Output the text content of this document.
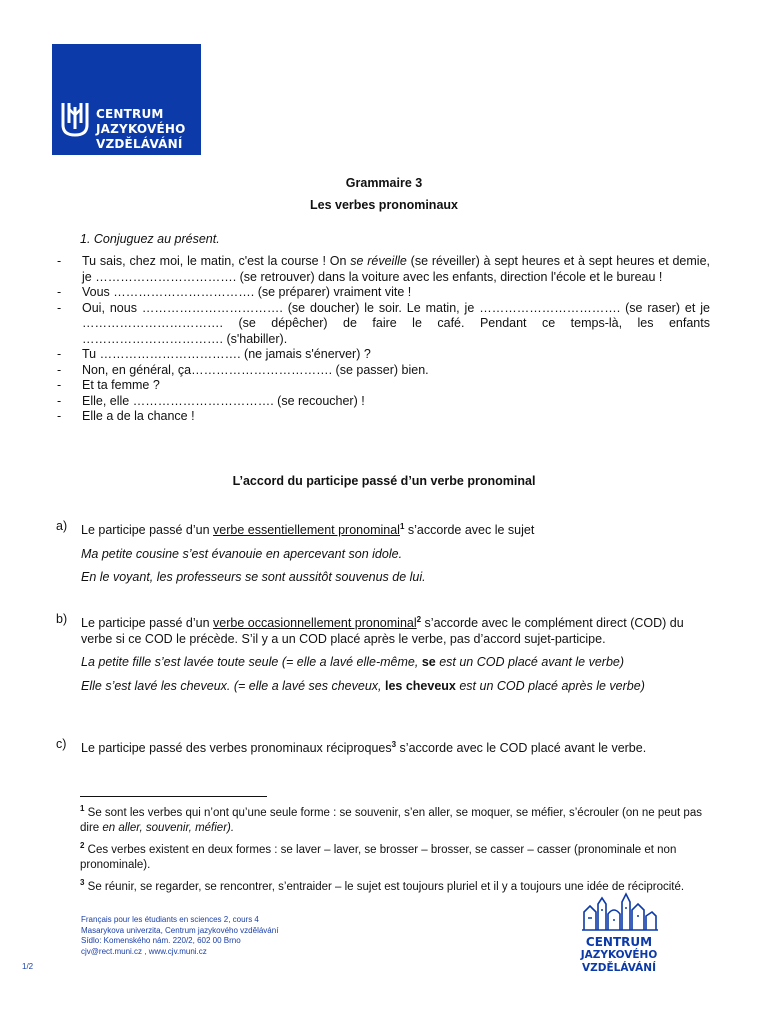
CENTRUM
JAZYKOVÉHO
VZDĚLÁVÁNÍ
Grammaire 3
Les verbes pronominaux
1. Conjuguez au présent.
- Tu sais, chez moi, le matin, c'est la course ! On se réveille (se réveiller) à sept heures et à sept heures et demie, je ……………………………. (se retrouver) dans la voiture avec les enfants, direction l'école et le bureau !
- Vous ……………………………. (se préparer) vraiment vite !
- Oui, nous ……………………………. (se doucher) le soir. Le matin, je ……………………………. (se raser) et je ……………………………. (se dépêcher) de faire le café. Pendant ce temps-là, les enfants ……………………………. (s'habiller).
- Tu ……………………………. (ne jamais s'énerver) ?
- Non, en général, ça……………………………. (se passer) bien.
- Et ta femme ?
- Elle, elle ……………………………. (se recoucher) !
- Elle a de la chance !
L’accord du participe passé d’un verbe pronominal
a) Le participe passé d’un verbe essentiellement pronominal$^1$ s’accorde avec le sujet
Ma petite cousine s’est évanouie en apercevant son idole.
En le voyant, les professeurs se sont aussitôt souvenus de lui.
b) Le participe passé d’un verbe occasionnellement pronominal$^2$ s’accorde avec le complément direct (COD) du verbe si ce COD le précède. S’il y a un COD placé après le verbe, pas d’accord sujet-participe.
La petite fille s’est lavée toute seule (= elle a lavé elle-même, se est un COD placé avant le verbe)
Elle s’est lavé les cheveux. (= elle a lavé ses cheveux, les cheveux est un COD placé après le verbe)
c) Le participe passé des verbes pronominaux réciproques$^3$ s’accorde avec le COD placé avant le verbe.
$^1$ Se sont les verbes qui n’ont qu’une seule forme : se souvenir, s’en aller, se moquer, se méfier, s’écrouler (on ne peut pas dire en aller, souvenir, méfier).
$^2$ Ces verbes existent en deux formes : se laver – laver, se brosser – brosser, se casser – casser (pronominale et non pronominale).
$^3$ Se réunir, se regarder, se rencontrer, s’entraider – le sujet est toujours pluriel et il y a toujours une idée de réciprocité.
Français pour les étudiants en sciences 2, cours 4
Masarykova univerzita, Centrum jazykového vzdělávání
Sídlo: Komenského nám. 220/2, 602 00 Brno
cjv@rect.muni.cz , www.cjv.muni.cz
1/2
CENTRUM
JAZYKOVÉHO
VZDĚLÁVÁNÍ
